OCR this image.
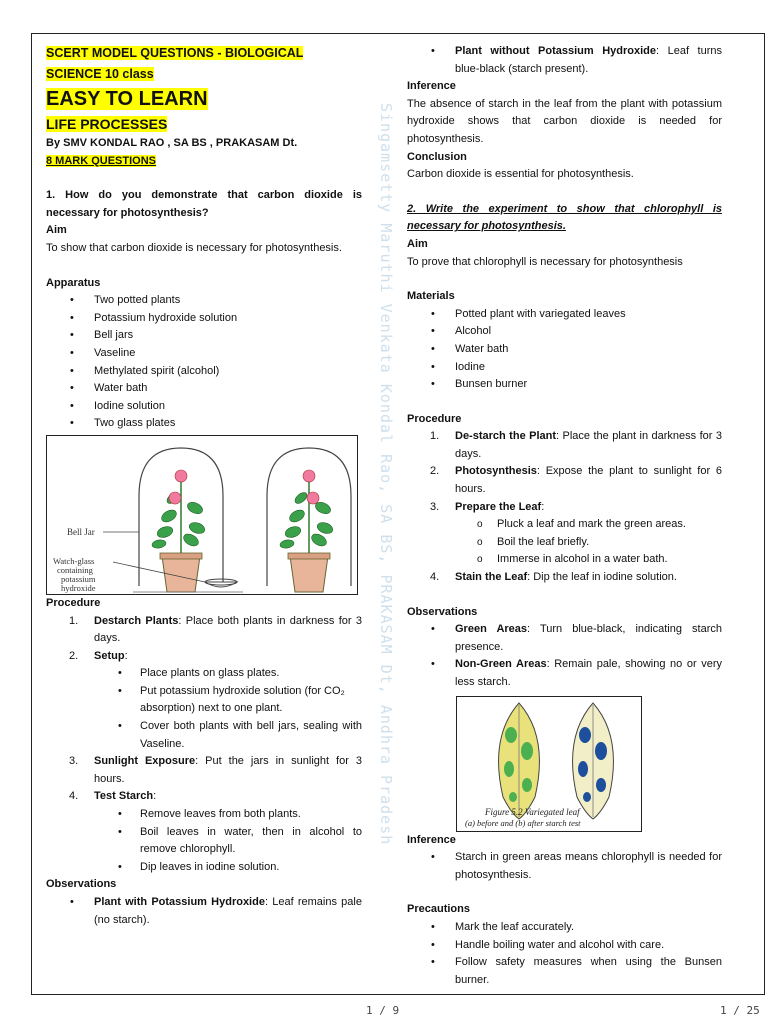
Singamsetty Maruthi Venkata Kondal Rao, SA BS, PRAKASAM Dt, Andhra Pradesh
SCERT MODEL QUESTIONS - BIOLOGICAL
SCIENCE 10 class
EASY TO LEARN
LIFE PROCESSES
By SMV KONDAL RAO , SA BS , PRAKASAM Dt.
8 MARK QUESTIONS
1. How do you demonstrate that carbon dioxide is necessary for photosynthesis?
Aim
To show that carbon dioxide is necessary for photosynthesis.
Apparatus
• Two potted plants
• Potassium hydroxide solution
• Bell jars
• Vaseline
• Methylated spirit (alcohol)
• Water bath
• Iodine solution
• Two glass plates
Bell Jar
Watch-glass
containing
potassium
hydroxide
Procedure
1. Destarch Plants: Place both plants in darkness for 3 days.
2. Setup:
• Place plants on glass plates.
• Put potassium hydroxide solution (for CO₂ absorption) next to one plant.
• Cover both plants with bell jars, sealing with Vaseline.
3. Sunlight Exposure: Put the jars in sunlight for 3 hours.
4. Test Starch:
• Remove leaves from both plants.
• Boil leaves in water, then in alcohol to remove chlorophyll.
• Dip leaves in iodine solution.
Observations
• Plant with Potassium Hydroxide: Leaf remains pale (no starch).
• Plant without Potassium Hydroxide: Leaf turns blue-black (starch present).
Inference
The absence of starch in the leaf from the plant with potassium hydroxide shows that carbon dioxide is needed for photosynthesis.
Conclusion
Carbon dioxide is essential for photosynthesis.
2. Write the experiment to show that chlorophyll is necessary for photosynthesis.
Aim
To prove that chlorophyll is necessary for photosynthesis
Materials
• Potted plant with variegated leaves
• Alcohol
• Water bath
• Iodine
• Bunsen burner
Procedure
1. De-starch the Plant: Place the plant in darkness for 3 days.
2. Photosynthesis: Expose the plant to sunlight for 6 hours.
3. Prepare the Leaf:
o Pluck a leaf and mark the green areas.
o Boil the leaf briefly.
o Immerse in alcohol in a water bath.
4. Stain the Leaf: Dip the leaf in iodine solution.
Observations
• Green Areas: Turn blue-black, indicating starch presence.
• Non-Green Areas: Remain pale, showing no or very less starch.
Figure 5.2 Variegated leaf
(a) before and (b) after starch test
Inference
• Starch in green areas means chlorophyll is needed for photosynthesis.
Precautions
• Mark the leaf accurately.
• Handle boiling water and alcohol with care.
• Follow safety measures when using the Bunsen burner.
1 / 9	1 / 25
